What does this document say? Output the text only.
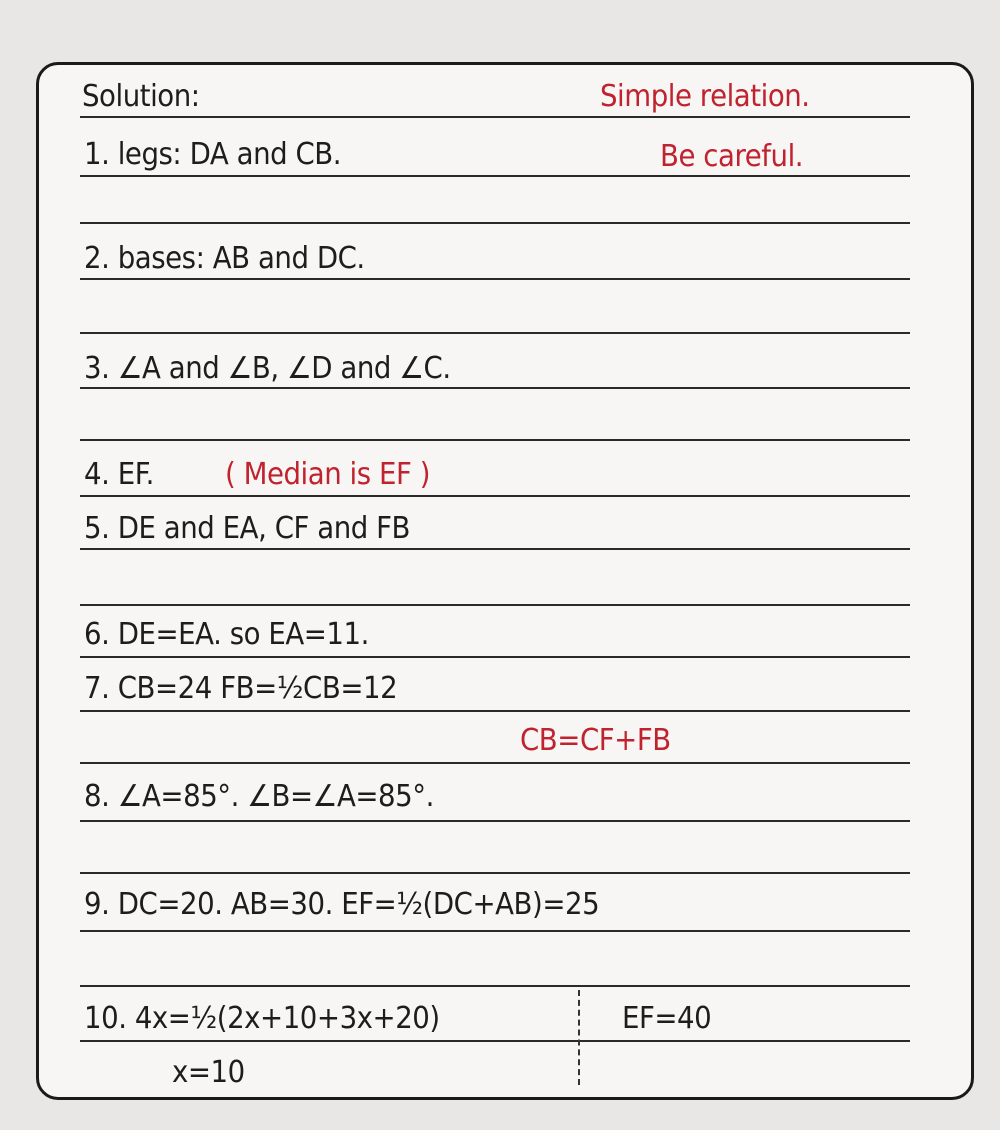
Solution:	Simple relation.
1. legs: DA and CB.	Be careful.
2. bases: AB and DC.
3. ∠A and ∠B, ∠D and ∠C.
4. EF. ( Median is EF )
5. DE and EA, CF and FB
6. DE=EA. so EA=11.
7. CB=24 FB=½CB=12
CB=CF+FB
8. ∠A=85°. ∠B=∠A=85°.
9. DC=20. AB=30. EF=½(DC+AB)=25
10. 4x=½(2x+10+3x+20)	EF=40
x=10
